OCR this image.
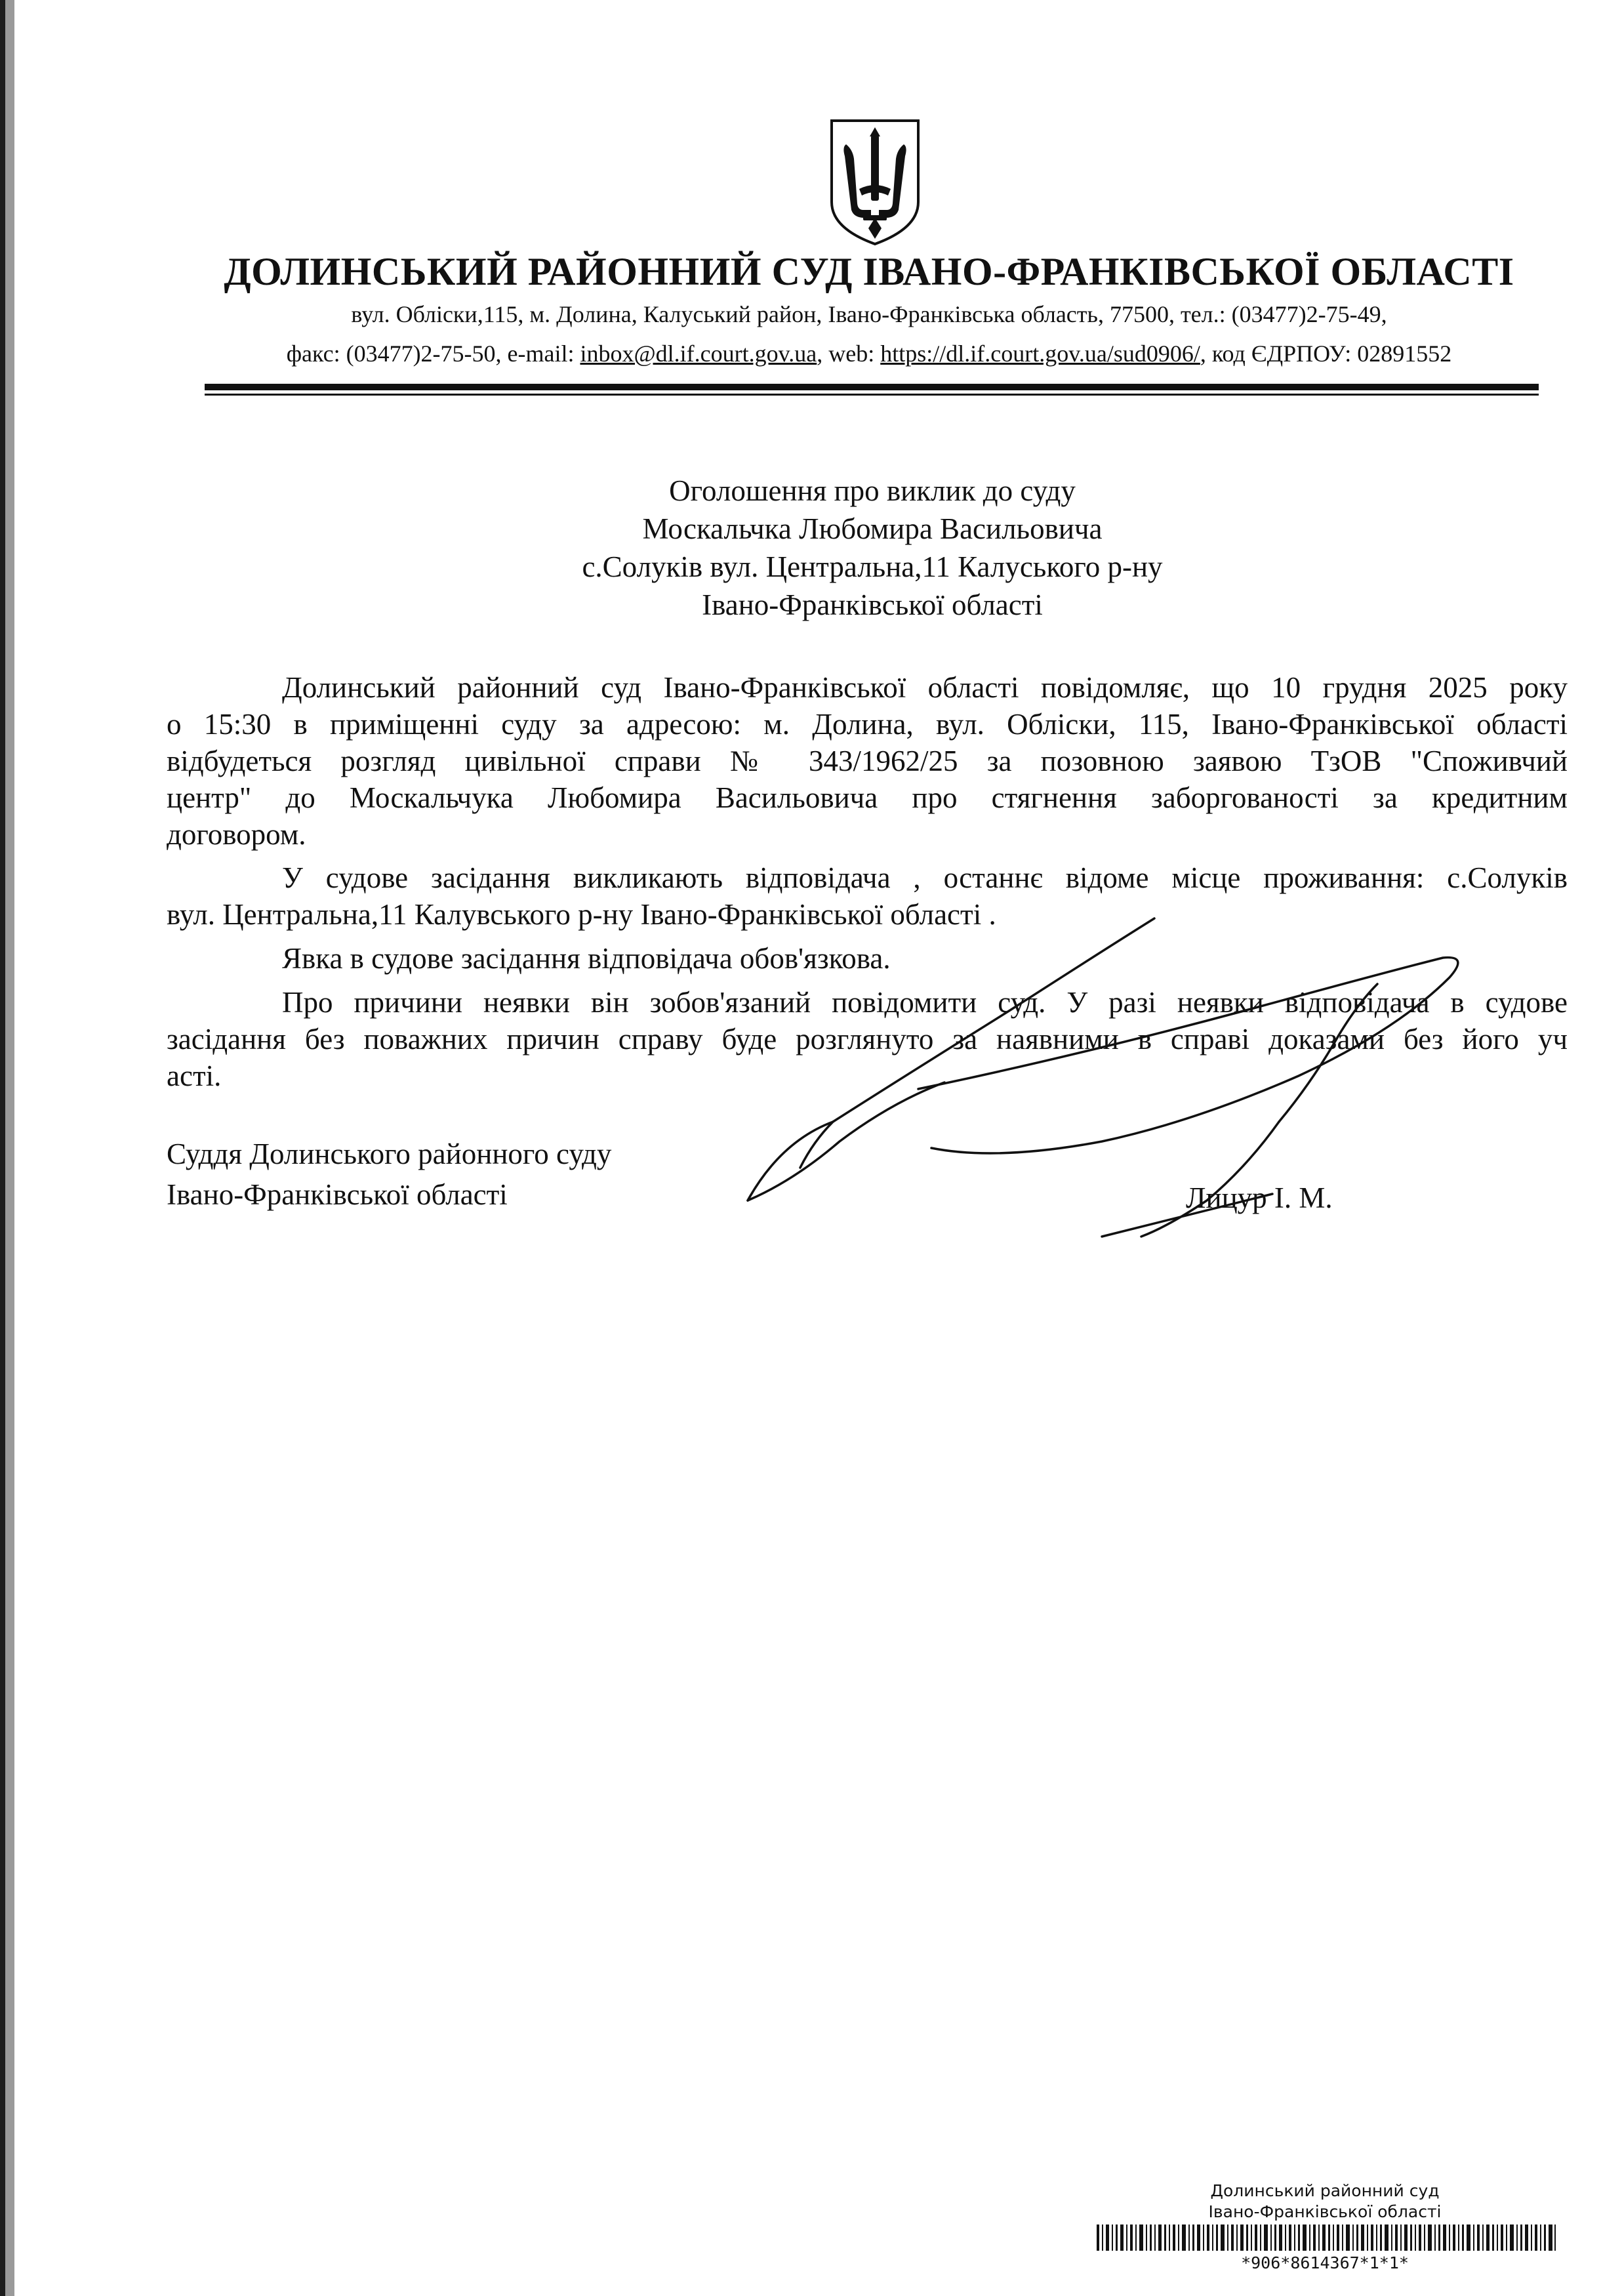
ДОЛИНСЬКИЙ РАЙОННИЙ СУД ІВАНО-ФРАНКІВСЬКОЇ ОБЛАСТІ
вул. Обліски,115, м. Долина, Калуський район, Івано-Франківська область, 77500, тел.: (03477)2-75-49,
факс: (03477)2-75-50, e-mail: inbox@dl.if.court.gov.ua, web: https://dl.if.court.gov.ua/sud0906/, код ЄДРПОУ: 02891552
Оголошення про виклик до суду
Москальчка Любомира Васильовича
с.Солуків вул. Центральна,11 Калуського р-ну
Івано-Франківської області
Долинський районний суд Івано-Франківської області повідомляє, що 10 грудня 2025 року
о 15:30 в приміщенні суду за адресою: м. Долина, вул. Обліски, 115, Івано-Франківської області
відбудеться розгляд цивільної справи № 343/1962/25 за позовною заявою ТзОВ "Споживчий
центр" до Москальчука Любомира Васильовича про стягнення заборгованості за кредитним
договором.
У судове засідання викликають відповідача , останнє відоме місце проживання: с.Солуків
вул. Центральна,11 Калувського р-ну Івано-Франківської області .
Явка в судове засідання відповідача обов'язкова.
Про причини неявки він зобов'язаний повідомити суд. У разі неявки відповідача в судове
засідання без поважних причин справу буде розглянуто за наявними в справі доказами без його уч
асті.
Суддя Долинського районного суду
Івано-Франківської області	Лицур І. М.
Долинський районний суд
Івано-Франківської області
*906*8614367*1*1*
